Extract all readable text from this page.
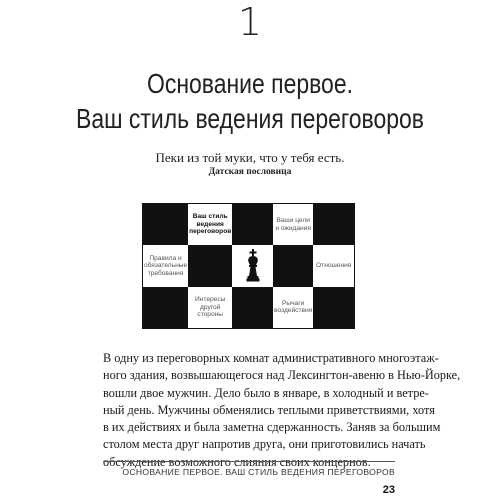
1
Основание первое.
Ваш стиль ведения переговоров
Пеки из той муки, что у тебя есть.
Датская пословица
Ваш стиль ведения переговоров
Ваши цели и ожидания
Правила и обязательные требования
Отношения
Интересы другой стороны
Рычаги воздействия
В одну из переговорных комнат административного многоэтаж-
ного здания, возвышающегося над Лексингтон-авеню в Нью-Йорке,
вошли двое мужчин. Дело было в январе, в холодный и ветре-
ный день. Мужчины обменялись теплыми приветствиями, хотя
в их действиях и была заметна сдержанность. Заняв за большим
столом места друг напротив друга, они приготовились начать
обсуждение возможного слияния своих концернов.
ОСНОВАНИЕ ПЕРВОЕ. ВАШ СТИЛЬ ВЕДЕНИЯ ПЕРЕГОВОРОВ
23
